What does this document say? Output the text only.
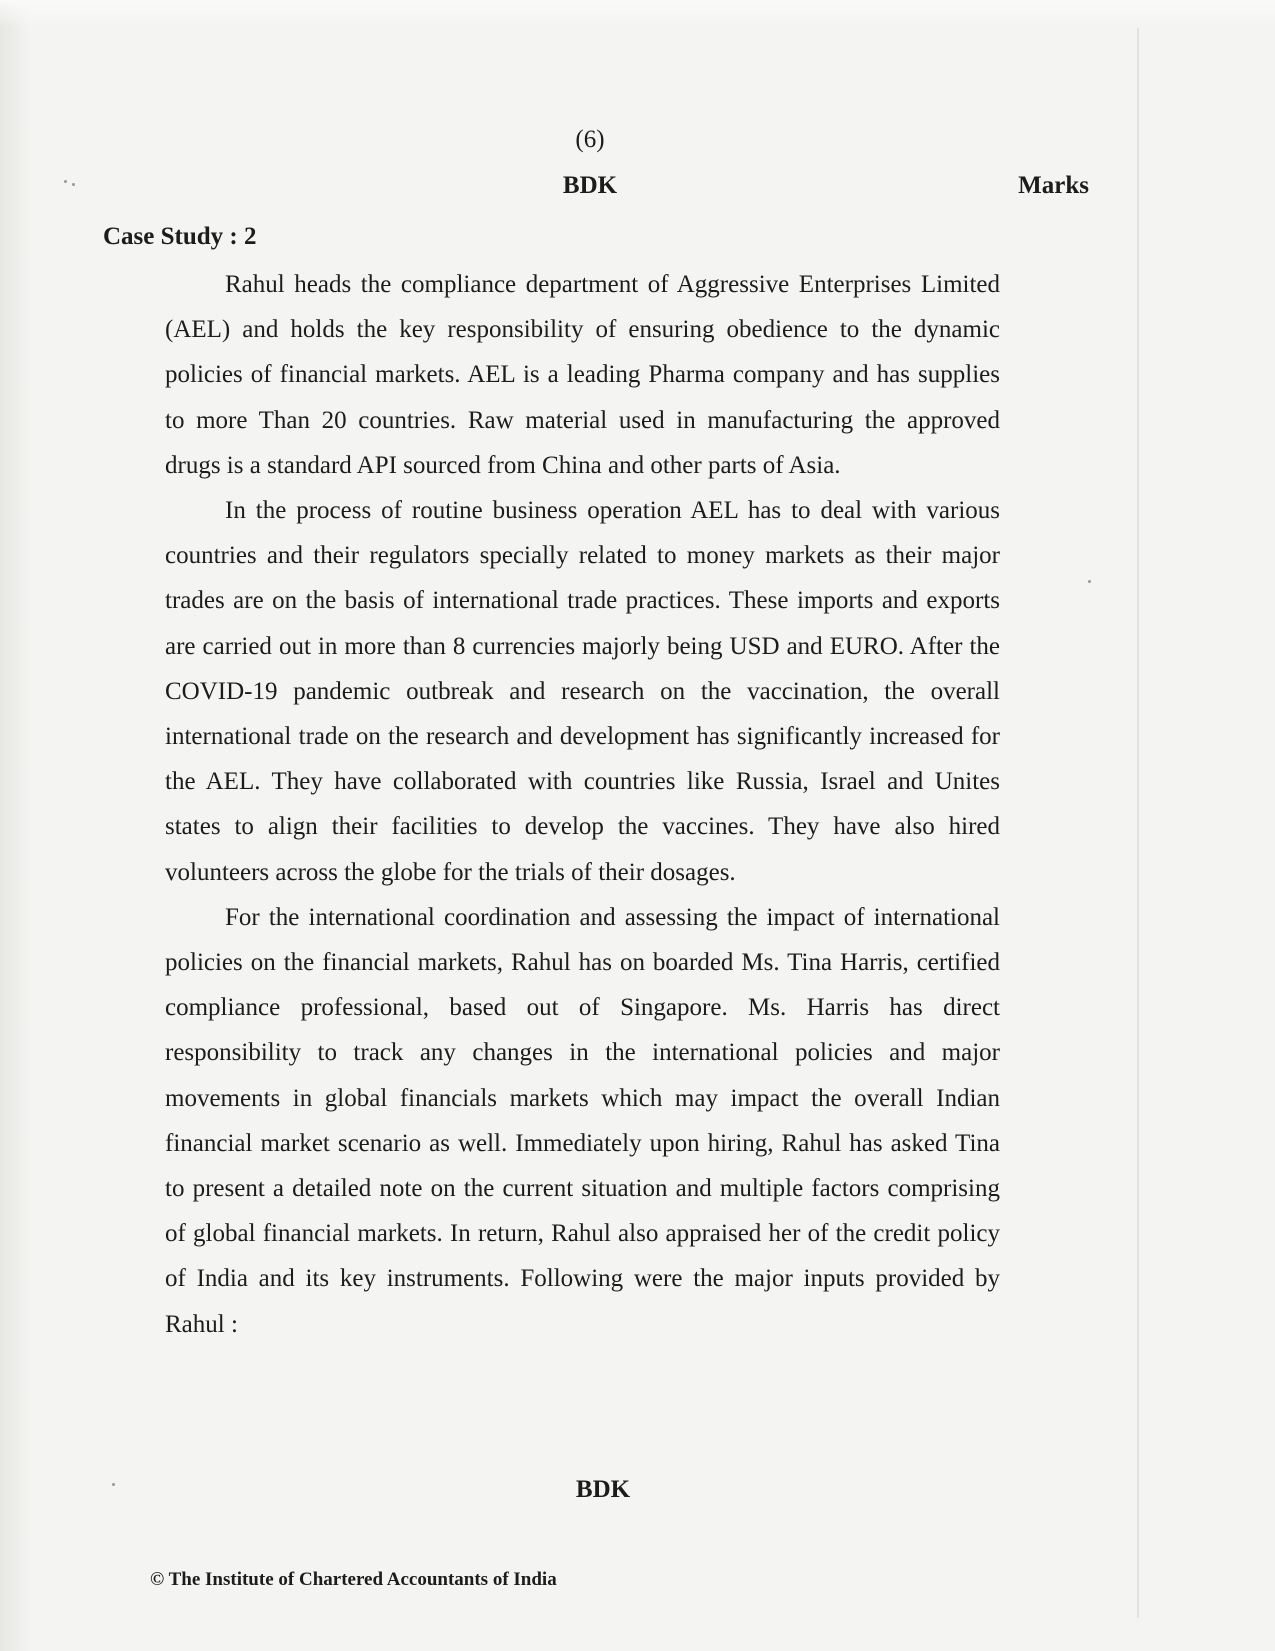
(6)
BDK	Marks
Case Study : 2

Rahul heads the compliance department of Aggressive Enterprises Limited (AEL) and holds the key responsibility of ensuring obedience to the dynamic policies of financial markets. AEL is a leading Pharma company and has supplies to more Than 20 countries. Raw material used in manufacturing the approved drugs is a standard API sourced from China and other parts of Asia.

In the process of routine business operation AEL has to deal with various countries and their regulators specially related to money markets as their major trades are on the basis of international trade practices. These imports and exports are carried out in more than 8 currencies majorly being USD and EURO. After the COVID-19 pandemic outbreak and research on the vaccination, the overall international trade on the research and development has significantly increased for the AEL. They have collaborated with countries like Russia, Israel and Unites states to align their facilities to develop the vaccines. They have also hired volunteers across the globe for the trials of their dosages.

For the international coordination and assessing the impact of international policies on the financial markets, Rahul has on boarded Ms. Tina Harris, certified compliance professional, based out of Singapore. Ms. Harris has direct responsibility to track any changes in the international policies and major movements in global financials markets which may impact the overall Indian financial market scenario as well. Immediately upon hiring, Rahul has asked Tina to present a detailed note on the current situation and multiple factors comprising of global financial markets. In return, Rahul also appraised her of the credit policy of India and its key instruments. Following were the major inputs provided by Rahul :

BDK
© The Institute of Chartered Accountants of India
